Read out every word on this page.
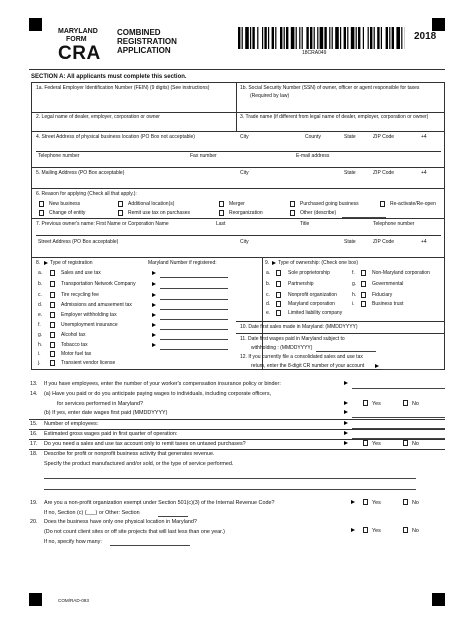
MARYLAND
FORM
CRA
COMBINED
REGISTRATION
APPLICATION	18CRA049
2018
SECTION A: All applicants must complete this section.
1a. Federal Employer Identification Number (FEIN) (9 digits) (See instructions)	1b. Social Security Number (SSN) of owner, officer or agent responsible for taxes
(Required by law)
2. Legal name of dealer, employer, corporation or owner	3. Trade name (if different from legal name of dealer, employer, corporation or owner)
4. Street Address of physical business location (PO Box not acceptable)	City	County	State	ZIP Code	+4
Telephone number	Fax number	E-mail address
5. Mailing Address (PO Box acceptable)	City	State	ZIP Code	+4
6. Reason for applying (Check all that apply.):
New business	Additional location(s)	Merger	Purchased going business	Re-activate/Re-open
Change of entity	Remit use tax on purchases	Reorganization	Other (describe)
7. Previous owner's name: First Name or Corporation Name	Last	Title	Telephone number
Street Address (PO Box acceptable)	City	State	ZIP Code	+4
8. Type of registration	Maryland Number if registered:
a.	Sales and use tax
b.	Transportation Network Company
c.	Tire recycling fee
d.	Admissions and amusement tax
e.	Employer withholding tax
f.	Unemployment insurance
g.	Alcohol tax
h.	Tobacco tax
i.	Motor fuel tax
j.	Transient vendor license
9. Type of ownership: (Check one box)
a.	Sole proprietorship
b.	Partnership
c.	Nonprofit organization
d.	Maryland corporation
e.	Limited liability company
f.	Non-Maryland corporation
g.	Governmental
h.	Fiduciary
i.	Business trust
10. Date first sales made in Maryland: (MMDDYYYY)
11. Date first wages paid in Maryland subject to
withholding : (MMDDYYYY)
12. If you currently file a consolidated sales and use tax
return, enter the 8-digit CR number of your account
13. If you have employees, enter the number of your worker's compensation insurance policy or binder:
14. (a) Have you paid or do you anticipate paying wages to individuals, including corporate officers,
for services performed in Maryland?	Yes	No
(b) If yes, enter date wages first paid (MMDDYYYY)
15. Number of employees:
16. Estimated gross wages paid in first quarter of operation:
17. Do you need a sales and use tax account only to remit taxes on untaxed purchases?	Yes	No
18. Describe for profit or nonprofit business activity that generates revenue.
Specify the product manufactured and/or sold, or the type of service performed.
19. Are you a non-profit organization exempt under Section 501(c)(3) of the Internal Revenue Code?	Yes	No
If no, Section (c) (___) or Other: Section
20. Does the business have only one physical location in Maryland?
Yes	No
(Do not count client sites or off site projects that will last less than one year.)
If no, specify how many:
COM/RAD-093
